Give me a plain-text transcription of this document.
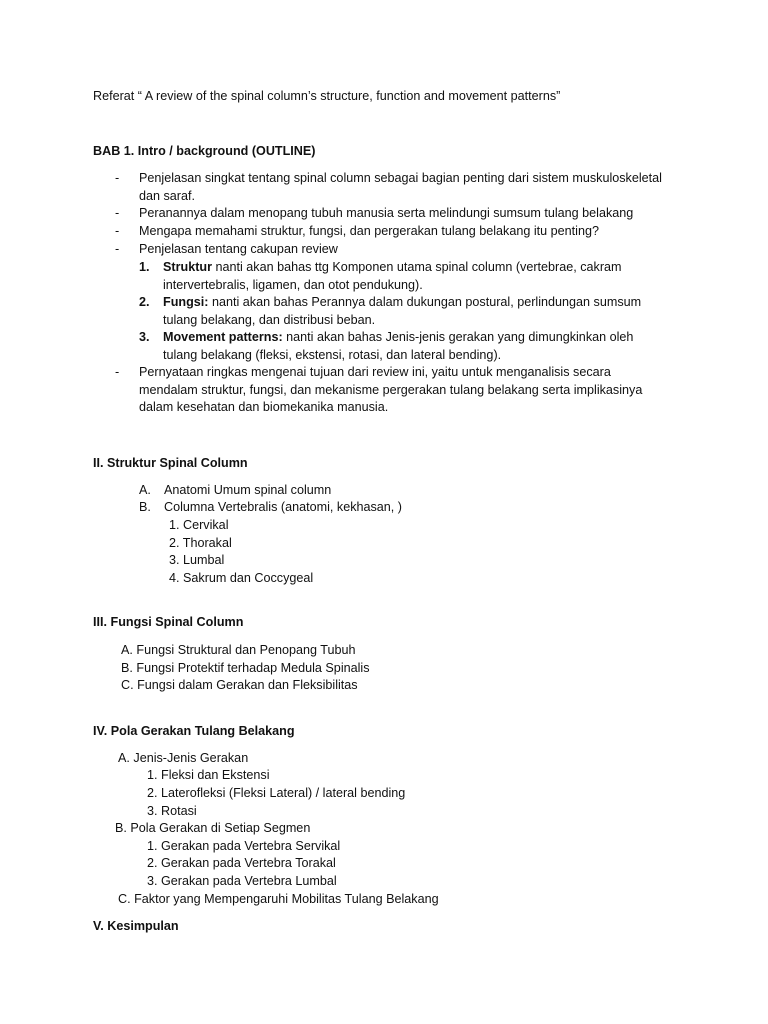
Referat “ A review of the spinal column’s structure, function and movement patterns”
BAB 1. Intro / background (OUTLINE)
- Penjelasan singkat tentang spinal column sebagai bagian penting dari sistem muskuloskeletal dan saraf.
- Peranannya dalam menopang tubuh manusia serta melindungi sumsum tulang belakang
- Mengapa memahami struktur, fungsi, dan pergerakan tulang belakang itu penting?
- Penjelasan tentang cakupan review
1. Struktur nanti akan bahas ttg Komponen utama spinal column (vertebrae, cakram intervertebralis, ligamen, dan otot pendukung).
2. Fungsi: nanti akan bahas Perannya dalam dukungan postural, perlindungan sumsum tulang belakang, dan distribusi beban.
3. Movement patterns: nanti akan bahas Jenis-jenis gerakan yang dimungkinkan oleh tulang belakang (fleksi, ekstensi, rotasi, dan lateral bending).
- Pernyataan ringkas mengenai tujuan dari review ini, yaitu untuk menganalisis secara mendalam struktur, fungsi, dan mekanisme pergerakan tulang belakang serta implikasinya dalam kesehatan dan biomekanika manusia.
II. Struktur Spinal Column
A. Anatomi Umum spinal column
B. Columna Vertebralis (anatomi, kekhasan, )
1. Cervikal
2. Thorakal
3. Lumbal
4. Sakrum dan Coccygeal
III. Fungsi Spinal Column
A. Fungsi Struktural dan Penopang Tubuh
B. Fungsi Protektif terhadap Medula Spinalis
C. Fungsi dalam Gerakan dan Fleksibilitas
IV. Pola Gerakan Tulang Belakang
A. Jenis-Jenis Gerakan
1. Fleksi dan Ekstensi
2. Laterofleksi (Fleksi Lateral) / lateral bending
3. Rotasi
B. Pola Gerakan di Setiap Segmen
1. Gerakan pada Vertebra Servikal
2. Gerakan pada Vertebra Torakal
3. Gerakan pada Vertebra Lumbal
C. Faktor yang Mempengaruhi Mobilitas Tulang Belakang
V. Kesimpulan
